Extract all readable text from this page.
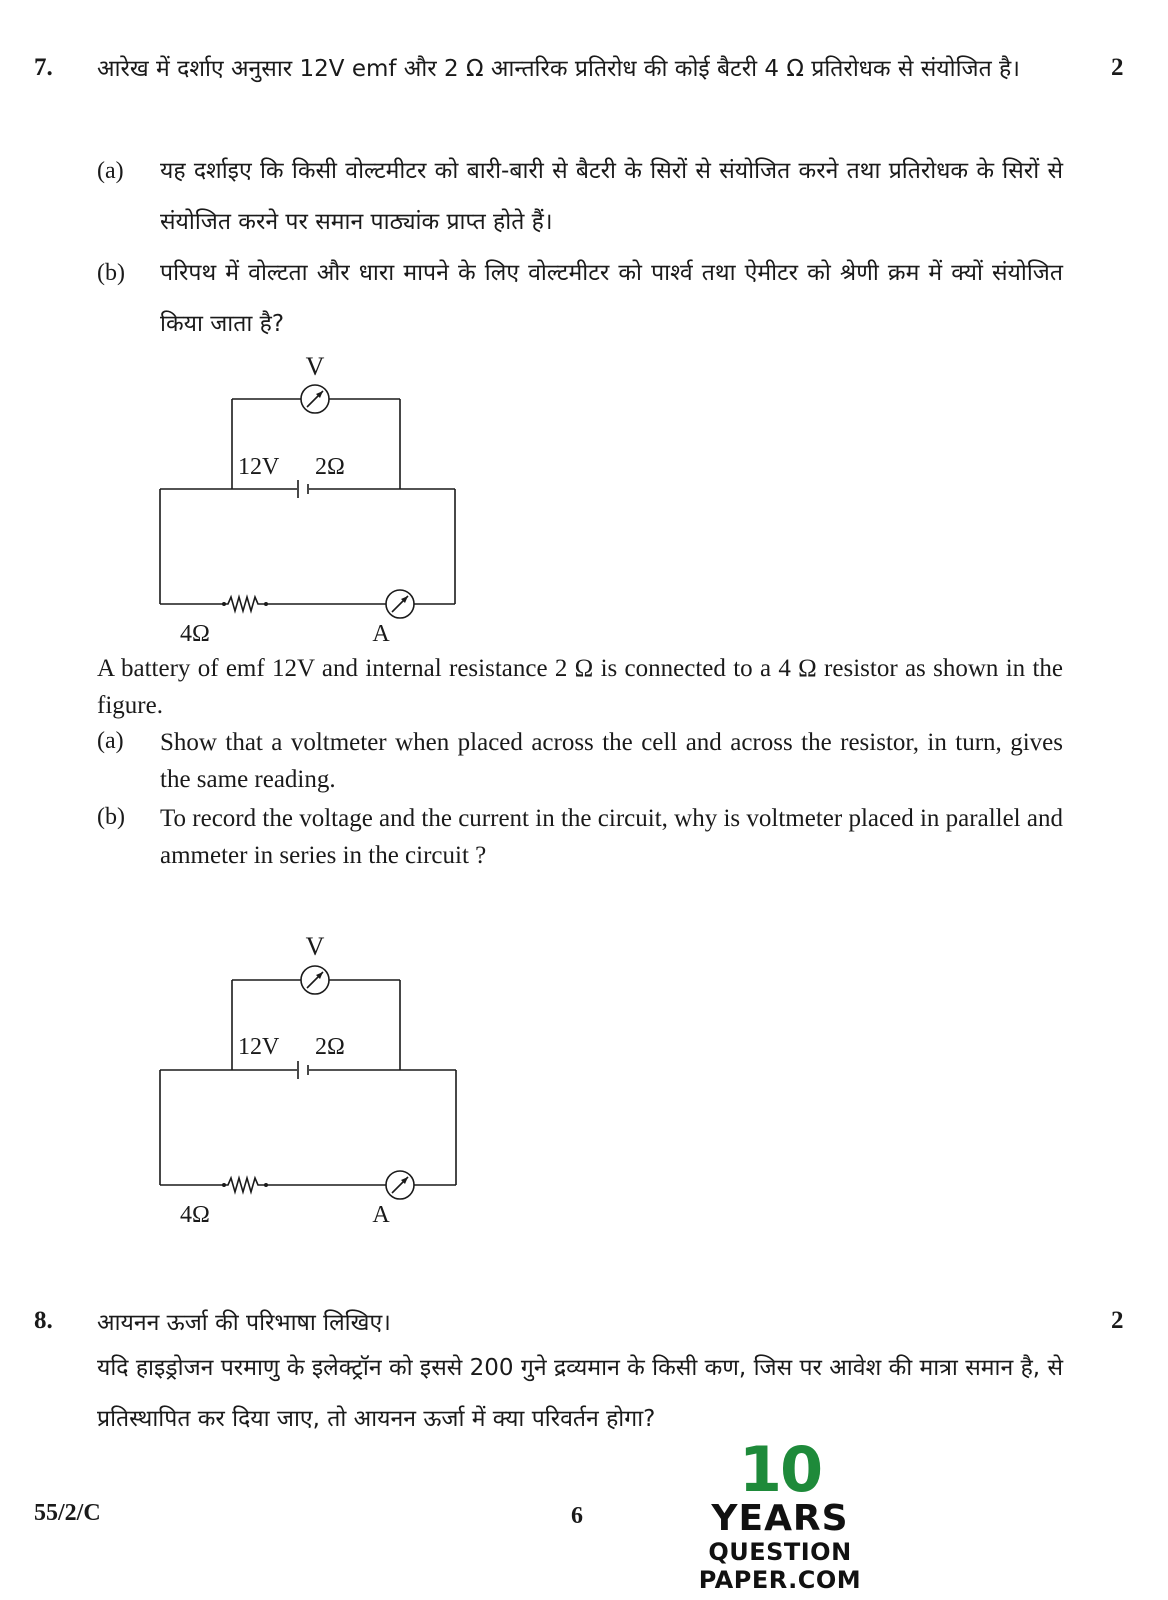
7.	2
आरेख में दर्शाए अनुसार 12V emf और 2 Ω आन्तरिक प्रतिरोध की कोई बैटरी 4 Ω प्रतिरोधक से संयोजित है।
(a) यह दर्शाइए कि किसी वोल्टमीटर को बारी-बारी से बैटरी के सिरों से संयोजित करने तथा प्रतिरोधक के सिरों से संयोजित करने पर समान पाठ्यांक प्राप्त होते हैं।
(b) परिपथ में वोल्टता और धारा मापने के लिए वोल्टमीटर को पार्श्व तथा ऐमीटर को श्रेणी क्रम में क्यों संयोजित किया जाता है?
V
12V 2Ω
4Ω	A
A battery of emf 12V and internal resistance 2 Ω is connected to a 4 Ω resistor as shown in the figure.
(a) Show that a voltmeter when placed across the cell and across the resistor, in turn, gives the same reading.
(b) To record the voltage and the current in the circuit, why is voltmeter placed in parallel and ammeter in series in the circuit ?
V
12V 2Ω
4Ω	A
8.	2
आयनन ऊर्जा की परिभाषा लिखिए।
यदि हाइड्रोजन परमाणु के इलेक्ट्रॉन को इससे 200 गुने द्रव्यमान के किसी कण, जिस पर आवेश की मात्रा समान है, से प्रतिस्थापित कर दिया जाए, तो आयनन ऊर्जा में क्या परिवर्तन होगा?
55/2/C	6
10
YEARS
QUESTION PAPER.COM
